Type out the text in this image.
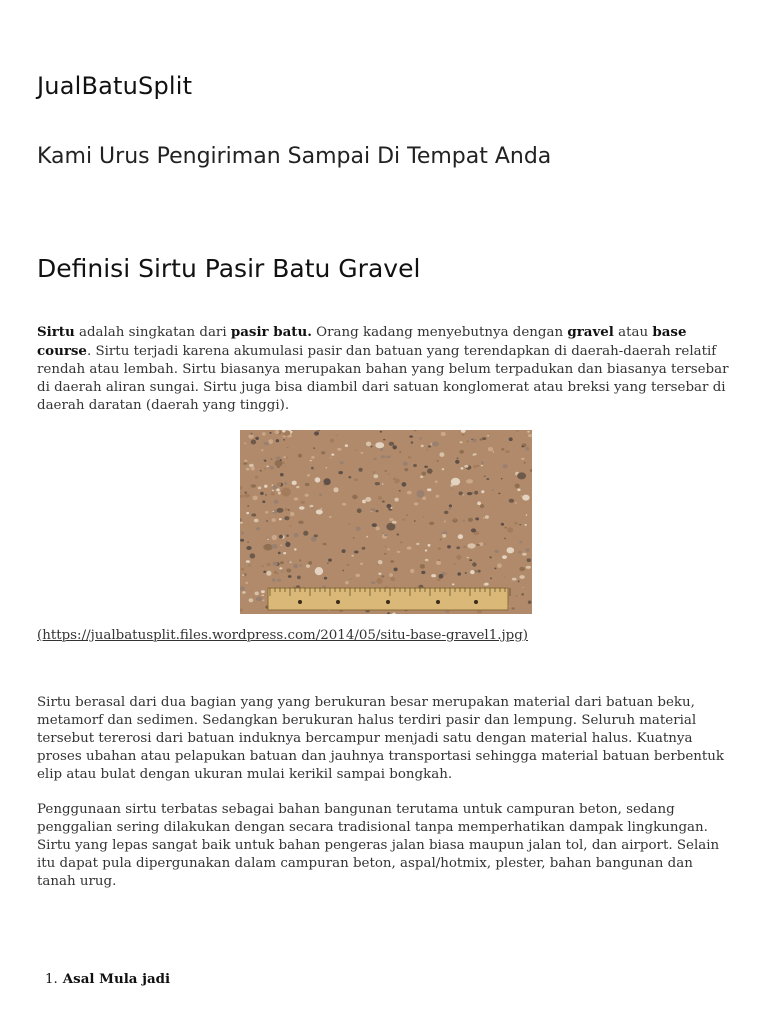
JualBatuSplit
Kami Urus Pengiriman Sampai Di Tempat Anda
Definisi Sirtu Pasir Batu Gravel

Sirtu adalah singkatan dari pasir batu. Orang kadang menyebutnya dengan gravel atau base course. Sirtu terjadi karena akumulasi pasir dan batuan yang terendapkan di daerah-daerah relatif rendah atau lembah. Sirtu biasanya merupakan bahan yang belum terpadukan dan biasanya tersebar di daerah aliran sungai. Sirtu juga bisa diambil dari satuan konglomerat atau breksi yang tersebar di daerah daratan (daerah yang tinggi).

(https://jualbatusplit.files.wordpress.com/2014/05/situ-base-gravel1.jpg)

Sirtu berasal dari dua bagian yang yang berukuran besar merupakan material dari batuan beku, metamorf dan sedimen. Sedangkan berukuran halus terdiri pasir dan lempung. Seluruh material tersebut tererosi dari batuan induknya bercampur menjadi satu dengan material halus. Kuatnya proses ubahan atau pelapukan batuan dan jauhnya transportasi sehingga material batuan berbentuk elip atau bulat dengan ukuran mulai kerikil sampai bongkah.

Penggunaan sirtu terbatas sebagai bahan bangunan terutama untuk campuran beton, sedang penggalian sering dilakukan dengan secara tradisional tanpa memperhatikan dampak lingkungan. Sirtu yang lepas sangat baik untuk bahan pengeras jalan biasa maupun jalan tol, dan airport. Selain itu dapat pula dipergunakan dalam campuran beton, aspal/hotmix, plester, bahan bangunan dan tanah urug.

1. Asal Mula jadi
